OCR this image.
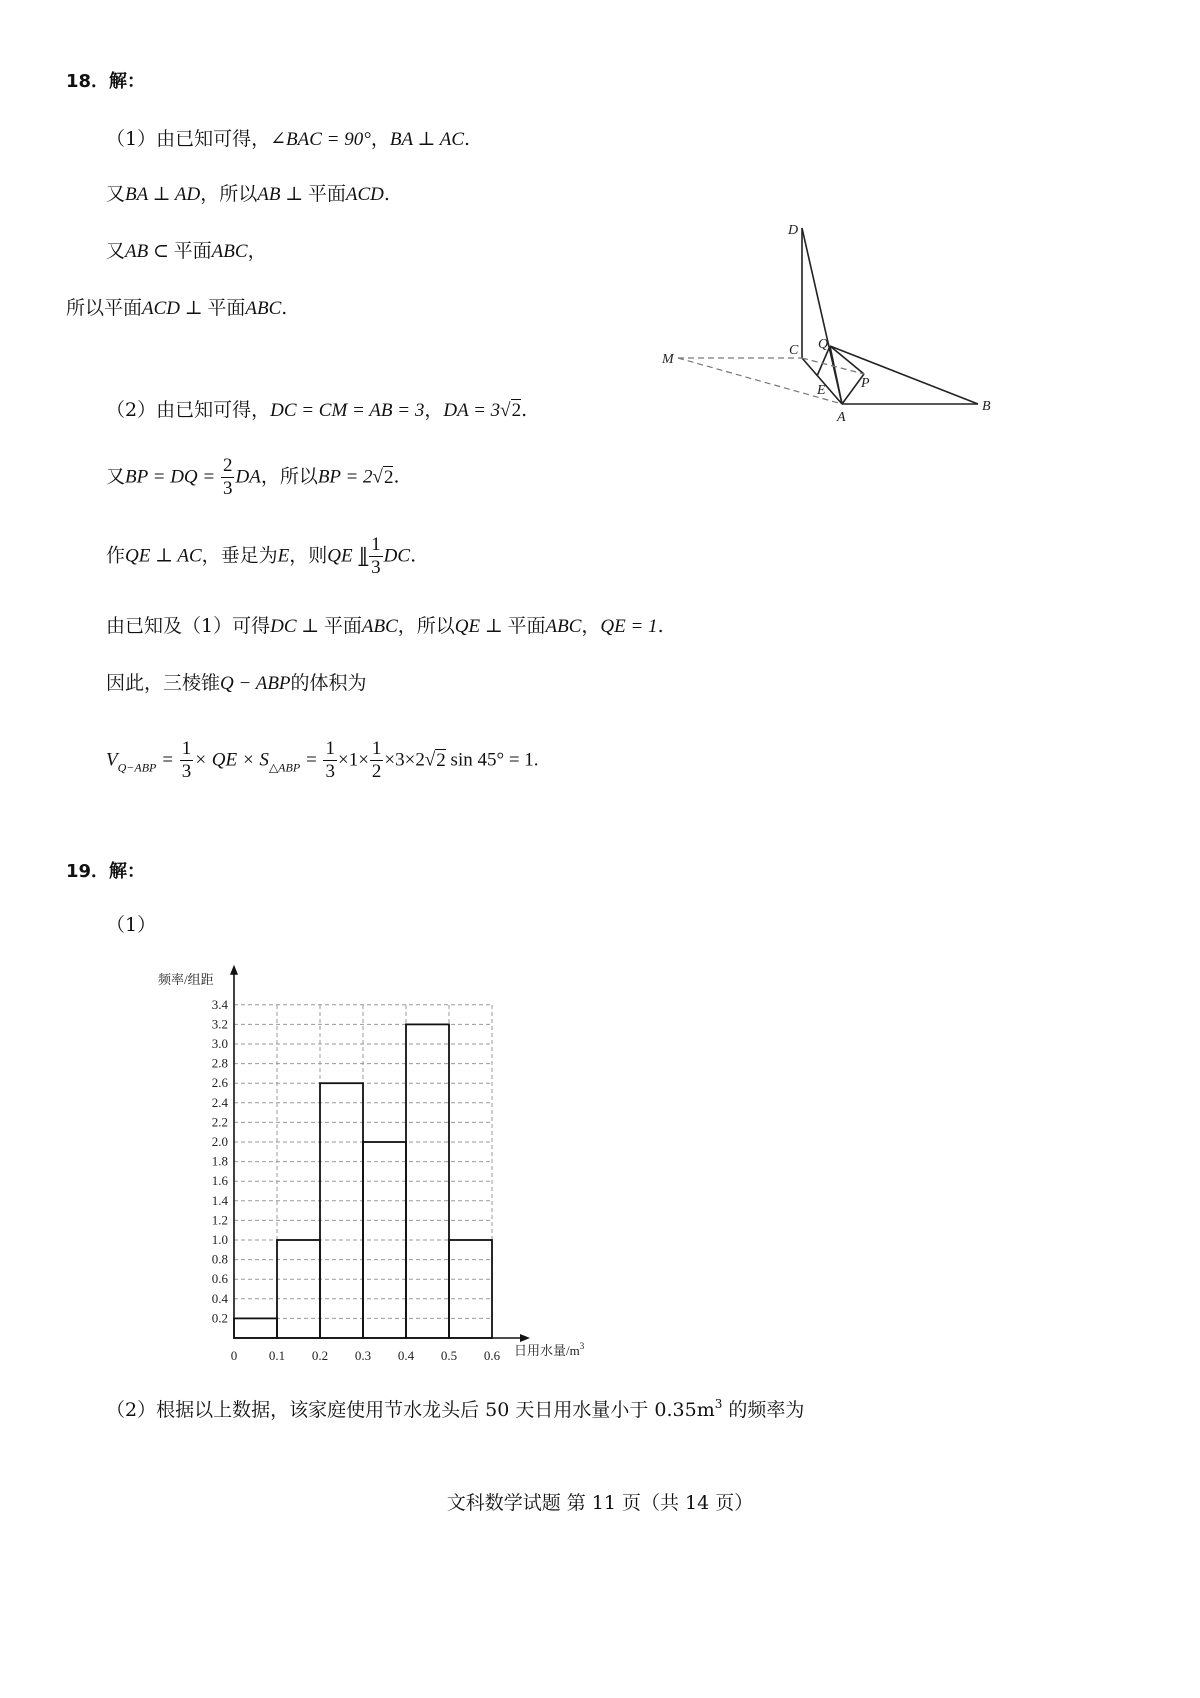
18．解：
（1）由已知可得，∠BAC = 90°，BA ⊥ AC.
又BA ⊥ AD，所以AB ⊥ 平面ACD.
又AB ⊂ 平面ABC，
所以平面ACD ⊥ 平面ABC.
（2）由已知可得，DC = CM = AB = 3，DA = 3√2.
又BP = DQ = $\frac{2}{3}$ DA，所以BP = 2√2.
作QE ⊥ AC，垂足为E，则QE ∥̲ $\frac{1}{3}$ DC.
由已知及（1）可得DC ⊥ 平面ABC，所以QE ⊥ 平面ABC，QE = 1.
因此，三棱锥Q − ABP的体积为
$V_{Q-ABP} = \frac{1}{3}$ × QE × $S_{\triangle ABP} = \frac{1}{3} \times 1\times \frac{1}{2} \times 3\times 2√2$ sin 45° = 1.
D
C Q
M
E	P
A
B
19．解：
（1）
0.2
0.4
0.6
0.8
1.0
1.2
1.4
1.6
1.8
2.0
2.2
2.4
2.6
2.8
3.0
3.2
3.4
0 0.1 0.2 0.3 0.4 0.5 0.6
频率/组距
日用水量$/m^3$
（2）根据以上数据，该家庭使用节水龙头后 50 天日用水量小于 $0.35m^3$ 的频率为
文科数学试题 第 11 页（共 14 页）
